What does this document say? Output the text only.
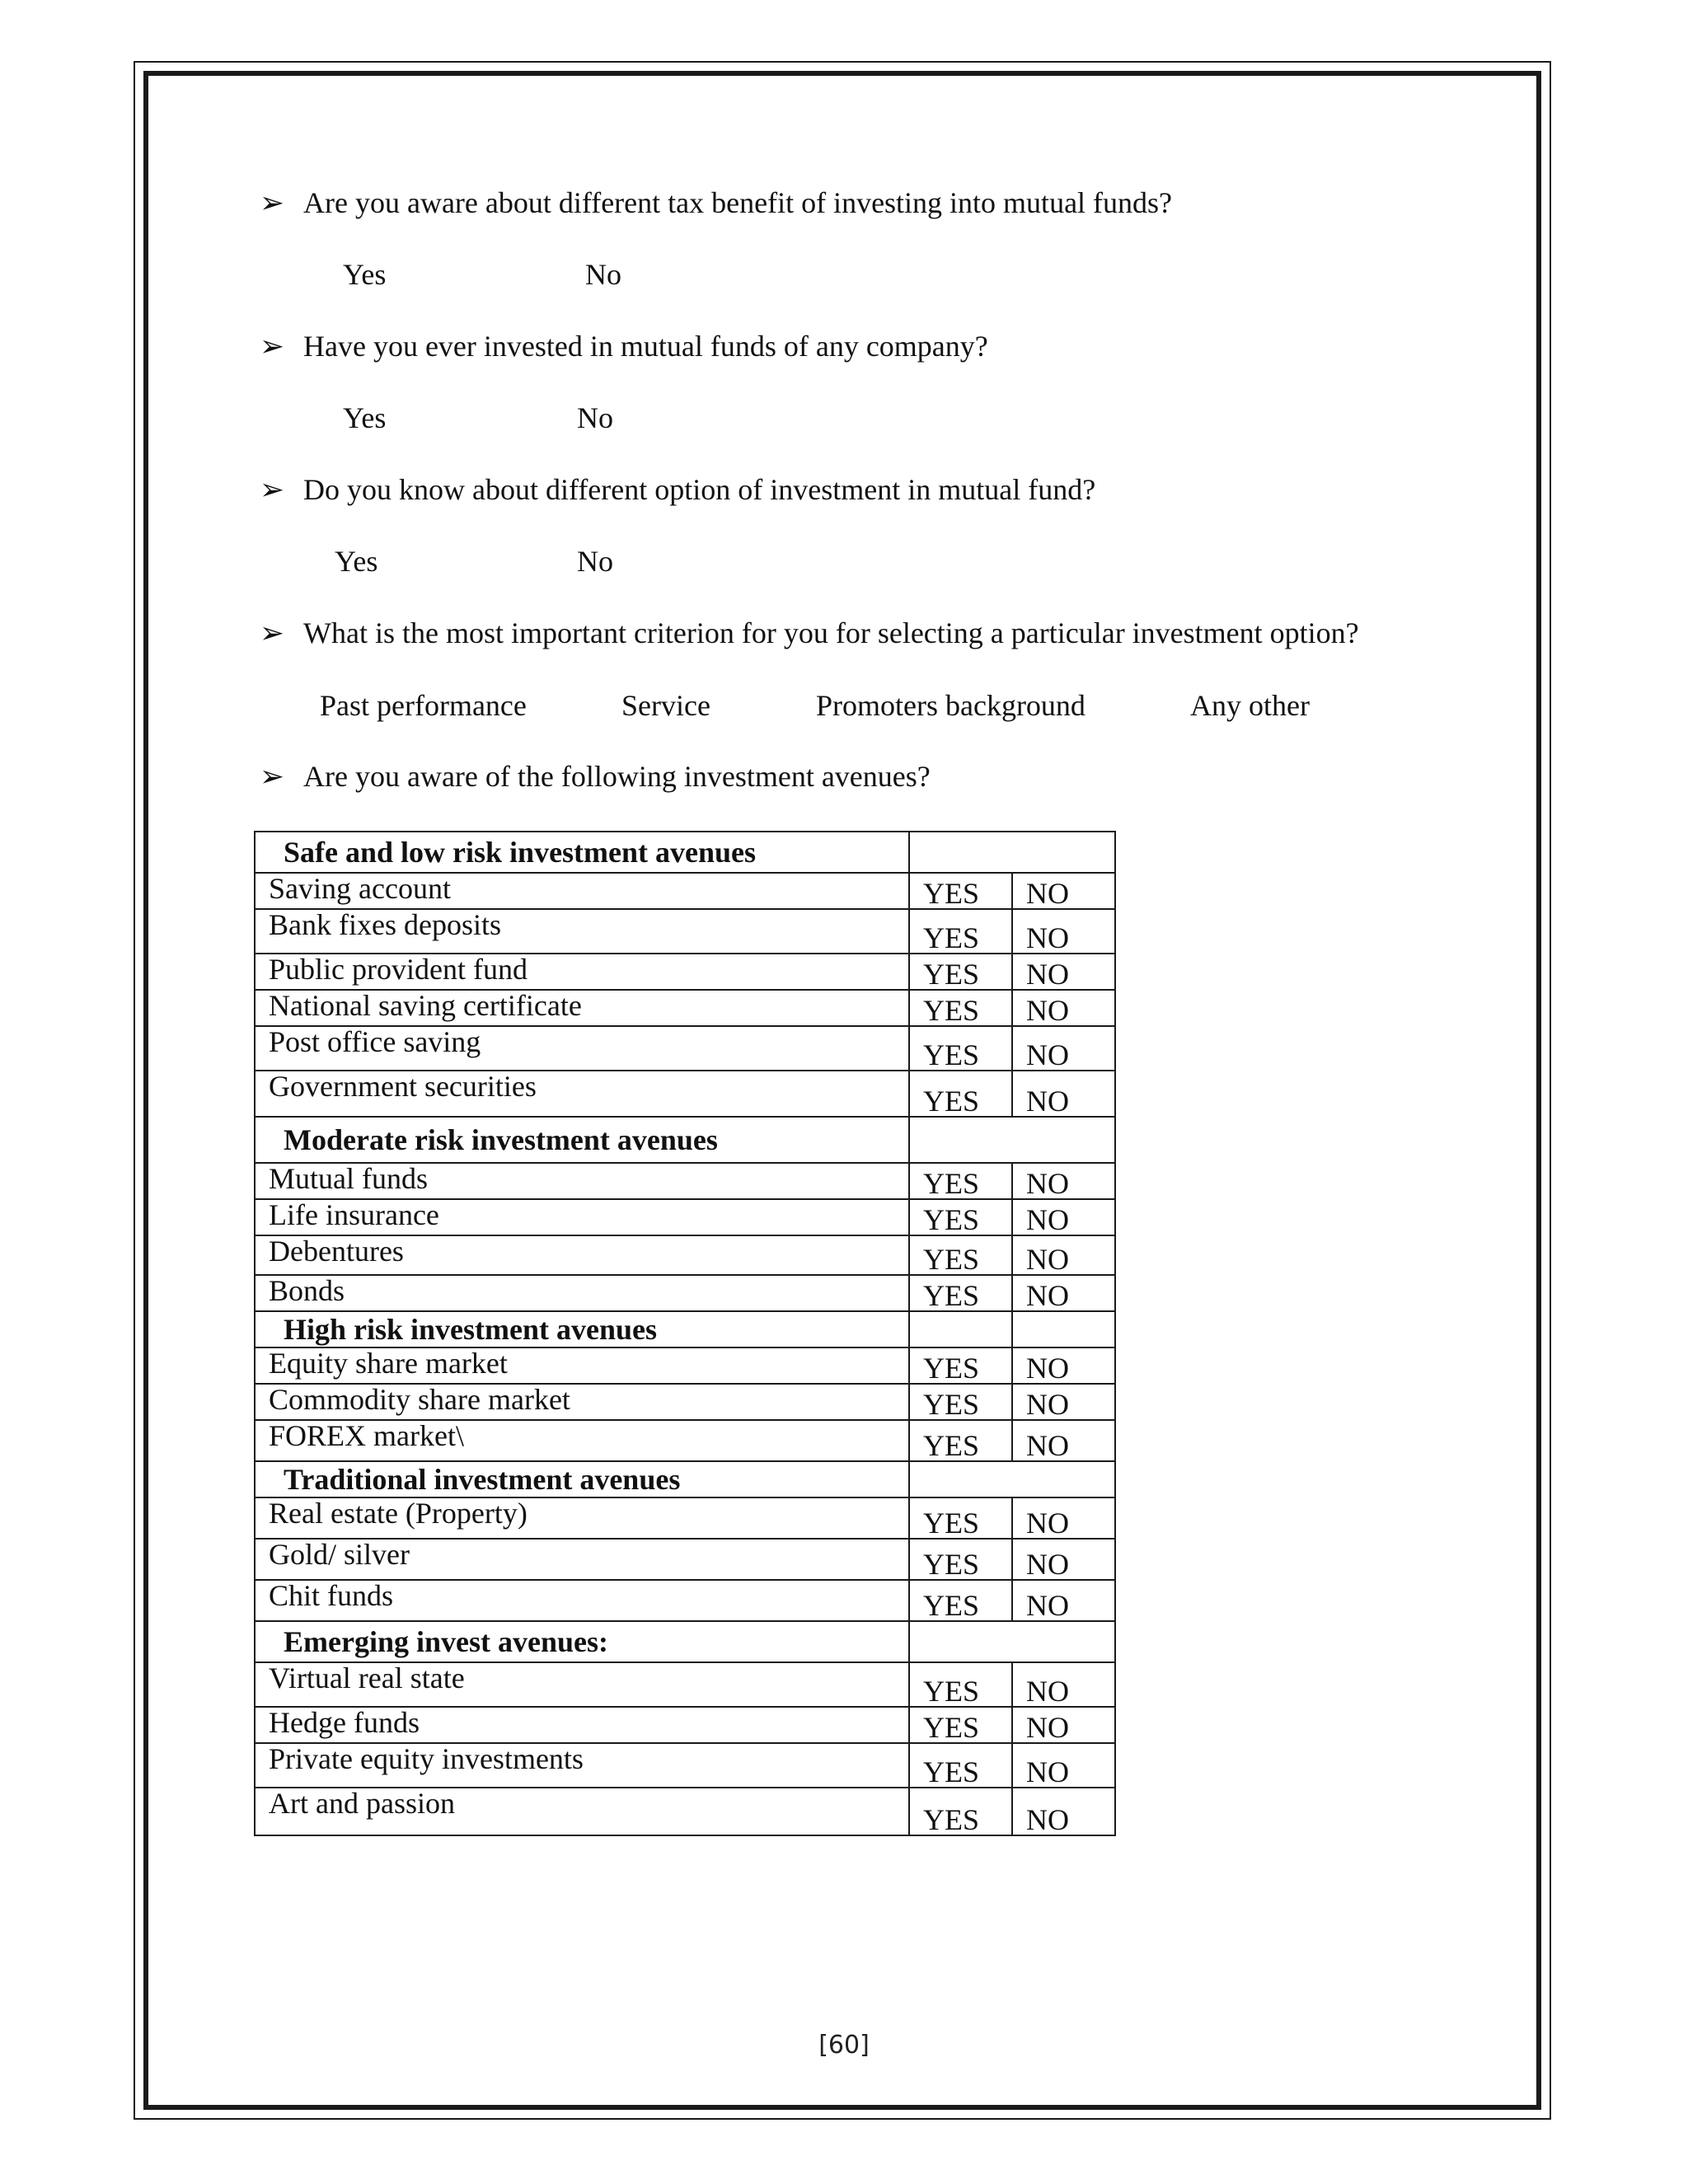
➢ Are you aware about different tax benefit of investing into mutual funds?
Yes	No
➢ Have you ever invested in mutual funds of any company?
Yes	No
➢ Do you know about different option of investment in mutual fund?
Yes	No
➢ What is the most important criterion for you for selecting a particular investment option?
Past performance	Service	Promoters background	Any other
➢ Are you aware of the following investment avenues?
Safe and low risk investment avenues		
Saving account	YES	NO
Bank fixes deposits	YES	NO
Public provident fund	YES	NO
National saving certificate	YES	NO
Post office saving	YES	NO
Government securities	YES	NO
Moderate risk investment avenues		
Mutual funds	YES	NO
Life insurance	YES	NO
Debentures	YES	NO
Bonds	YES	NO
High risk investment avenues		
Equity share market	YES	NO
Commodity share market	YES	NO
FOREX market\	YES	NO
Traditional investment avenues		
Real estate (Property)	YES	NO
Gold/ silver	YES	NO
Chit funds	YES	NO
Emerging invest avenues:		
Virtual real state	YES	NO
Hedge funds	YES	NO
Private equity investments	YES	NO
Art and passion	YES	NO
[60]
